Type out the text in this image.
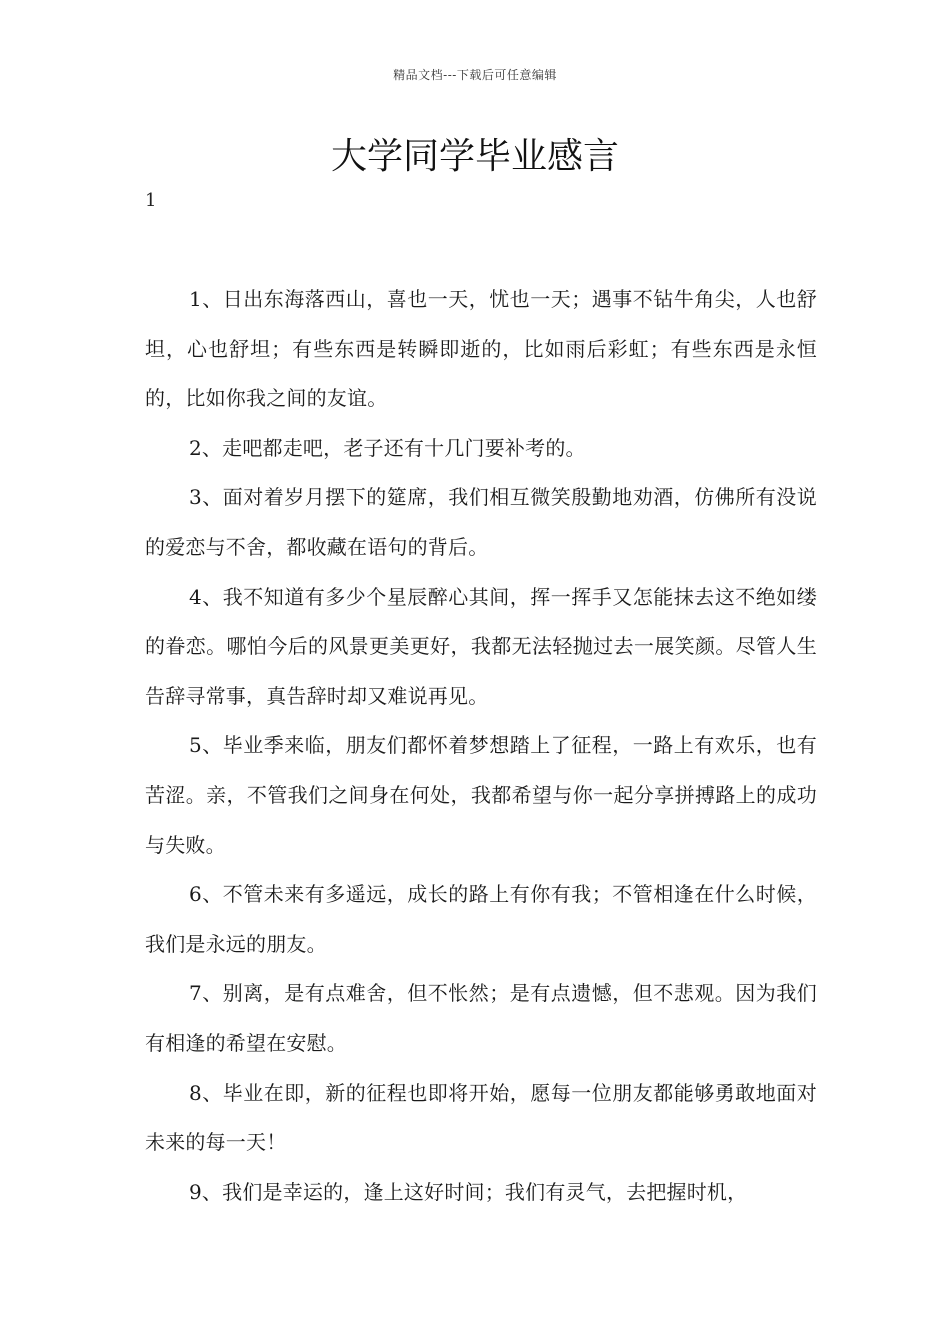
精品文档---下载后可任意编辑
大学同学毕业感言
1

1、日出东海落西山，喜也一天，忧也一天；遇事不钻牛角尖，人也舒坦，心也舒坦；有些东西是转瞬即逝的，比如雨后彩虹；有些东西是永恒的，比如你我之间的友谊。

2、走吧都走吧，老子还有十几门要补考的。

3、面对着岁月摆下的筵席，我们相互微笑殷勤地劝酒，仿佛所有没说的爱恋与不舍，都收藏在语句的背后。

4、我不知道有多少个星辰醉心其间，挥一挥手又怎能抹去这不绝如缕的眷恋。哪怕今后的风景更美更好，我都无法轻抛过去一展笑颜。尽管人生告辞寻常事，真告辞时却又难说再见。

5、毕业季来临，朋友们都怀着梦想踏上了征程，一路上有欢乐，也有苦涩。亲，不管我们之间身在何处，我都希望与你一起分享拼搏路上的成功与失败。

6、不管未来有多遥远，成长的路上有你有我；不管相逢在什么时候，我们是永远的朋友。

7、别离，是有点难舍，但不怅然；是有点遗憾，但不悲观。因为我们有相逢的希望在安慰。

8、毕业在即，新的征程也即将开始，愿每一位朋友都能够勇敢地面对未来的每一天！

9、我们是幸运的，逢上这好时间；我们有灵气，去把握时机，
